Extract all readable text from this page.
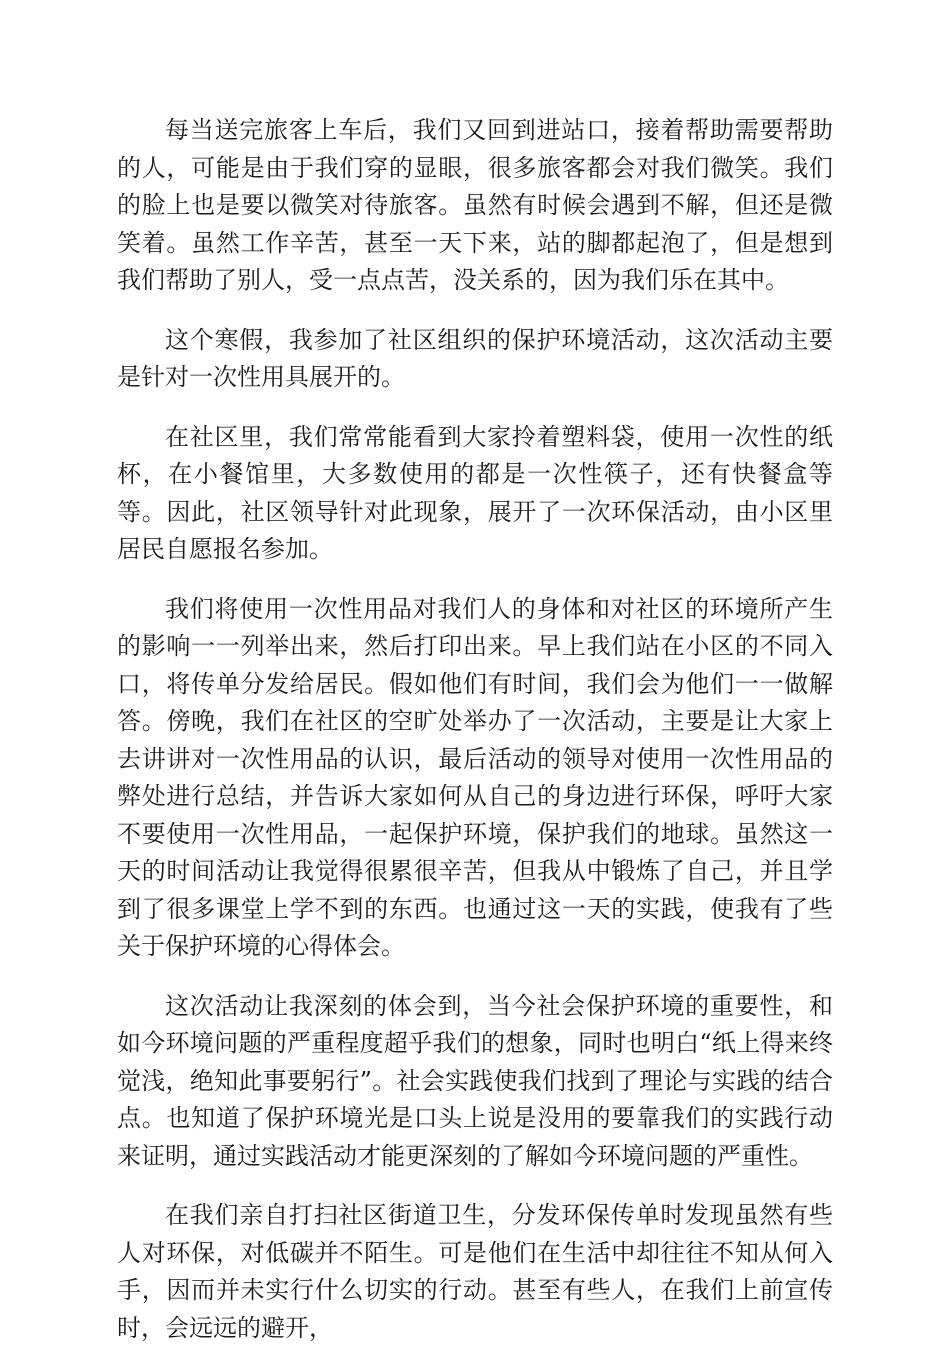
每当送完旅客上车后，我们又回到进站口，接着帮助需要帮助的人，可能是由于我们穿的显眼，很多旅客都会对我们微笑。我们的脸上也是要以微笑对待旅客。虽然有时候会遇到不解，但还是微笑着。虽然工作辛苦，甚至一天下来，站的脚都起泡了，但是想到我们帮助了别人，受一点点苦，没关系的，因为我们乐在其中。

这个寒假，我参加了社区组织的保护环境活动，这次活动主要是针对一次性用具展开的。

在社区里，我们常常能看到大家拎着塑料袋，使用一次性的纸杯，在小餐馆里，大多数使用的都是一次性筷子，还有快餐盒等等。因此，社区领导针对此现象，展开了一次环保活动，由小区里居民自愿报名参加。

我们将使用一次性用品对我们人的身体和对社区的环境所产生的影响一一列举出来，然后打印出来。早上我们站在小区的不同入口，将传单分发给居民。假如他们有时间，我们会为他们一一做解答。傍晚，我们在社区的空旷处举办了一次活动，主要是让大家上去讲讲对一次性用品的认识，最后活动的领导对使用一次性用品的弊处进行总结，并告诉大家如何从自己的身边进行环保，呼吁大家不要使用一次性用品，一起保护环境，保护我们的地球。虽然这一天的时间活动让我觉得很累很辛苦，但我从中锻炼了自己，并且学到了很多课堂上学不到的东西。也通过这一天的实践，使我有了些关于保护环境的心得体会。

这次活动让我深刻的体会到，当今社会保护环境的重要性，和如今环境问题的严重程度超乎我们的想象，同时也明白“纸上得来终觉浅，绝知此事要躬行”。社会实践使我们找到了理论与实践的结合点。也知道了保护环境光是口头上说是没用的要靠我们的实践行动来证明，通过实践活动才能更深刻的了解如今环境问题的严重性。

在我们亲自打扫社区街道卫生，分发环保传单时发现虽然有些人对环保，对低碳并不陌生。可是他们在生活中却往往不知从何入手，因而并未实行什么切实的行动。甚至有些人，在我们上前宣传时，会远远的避开，
